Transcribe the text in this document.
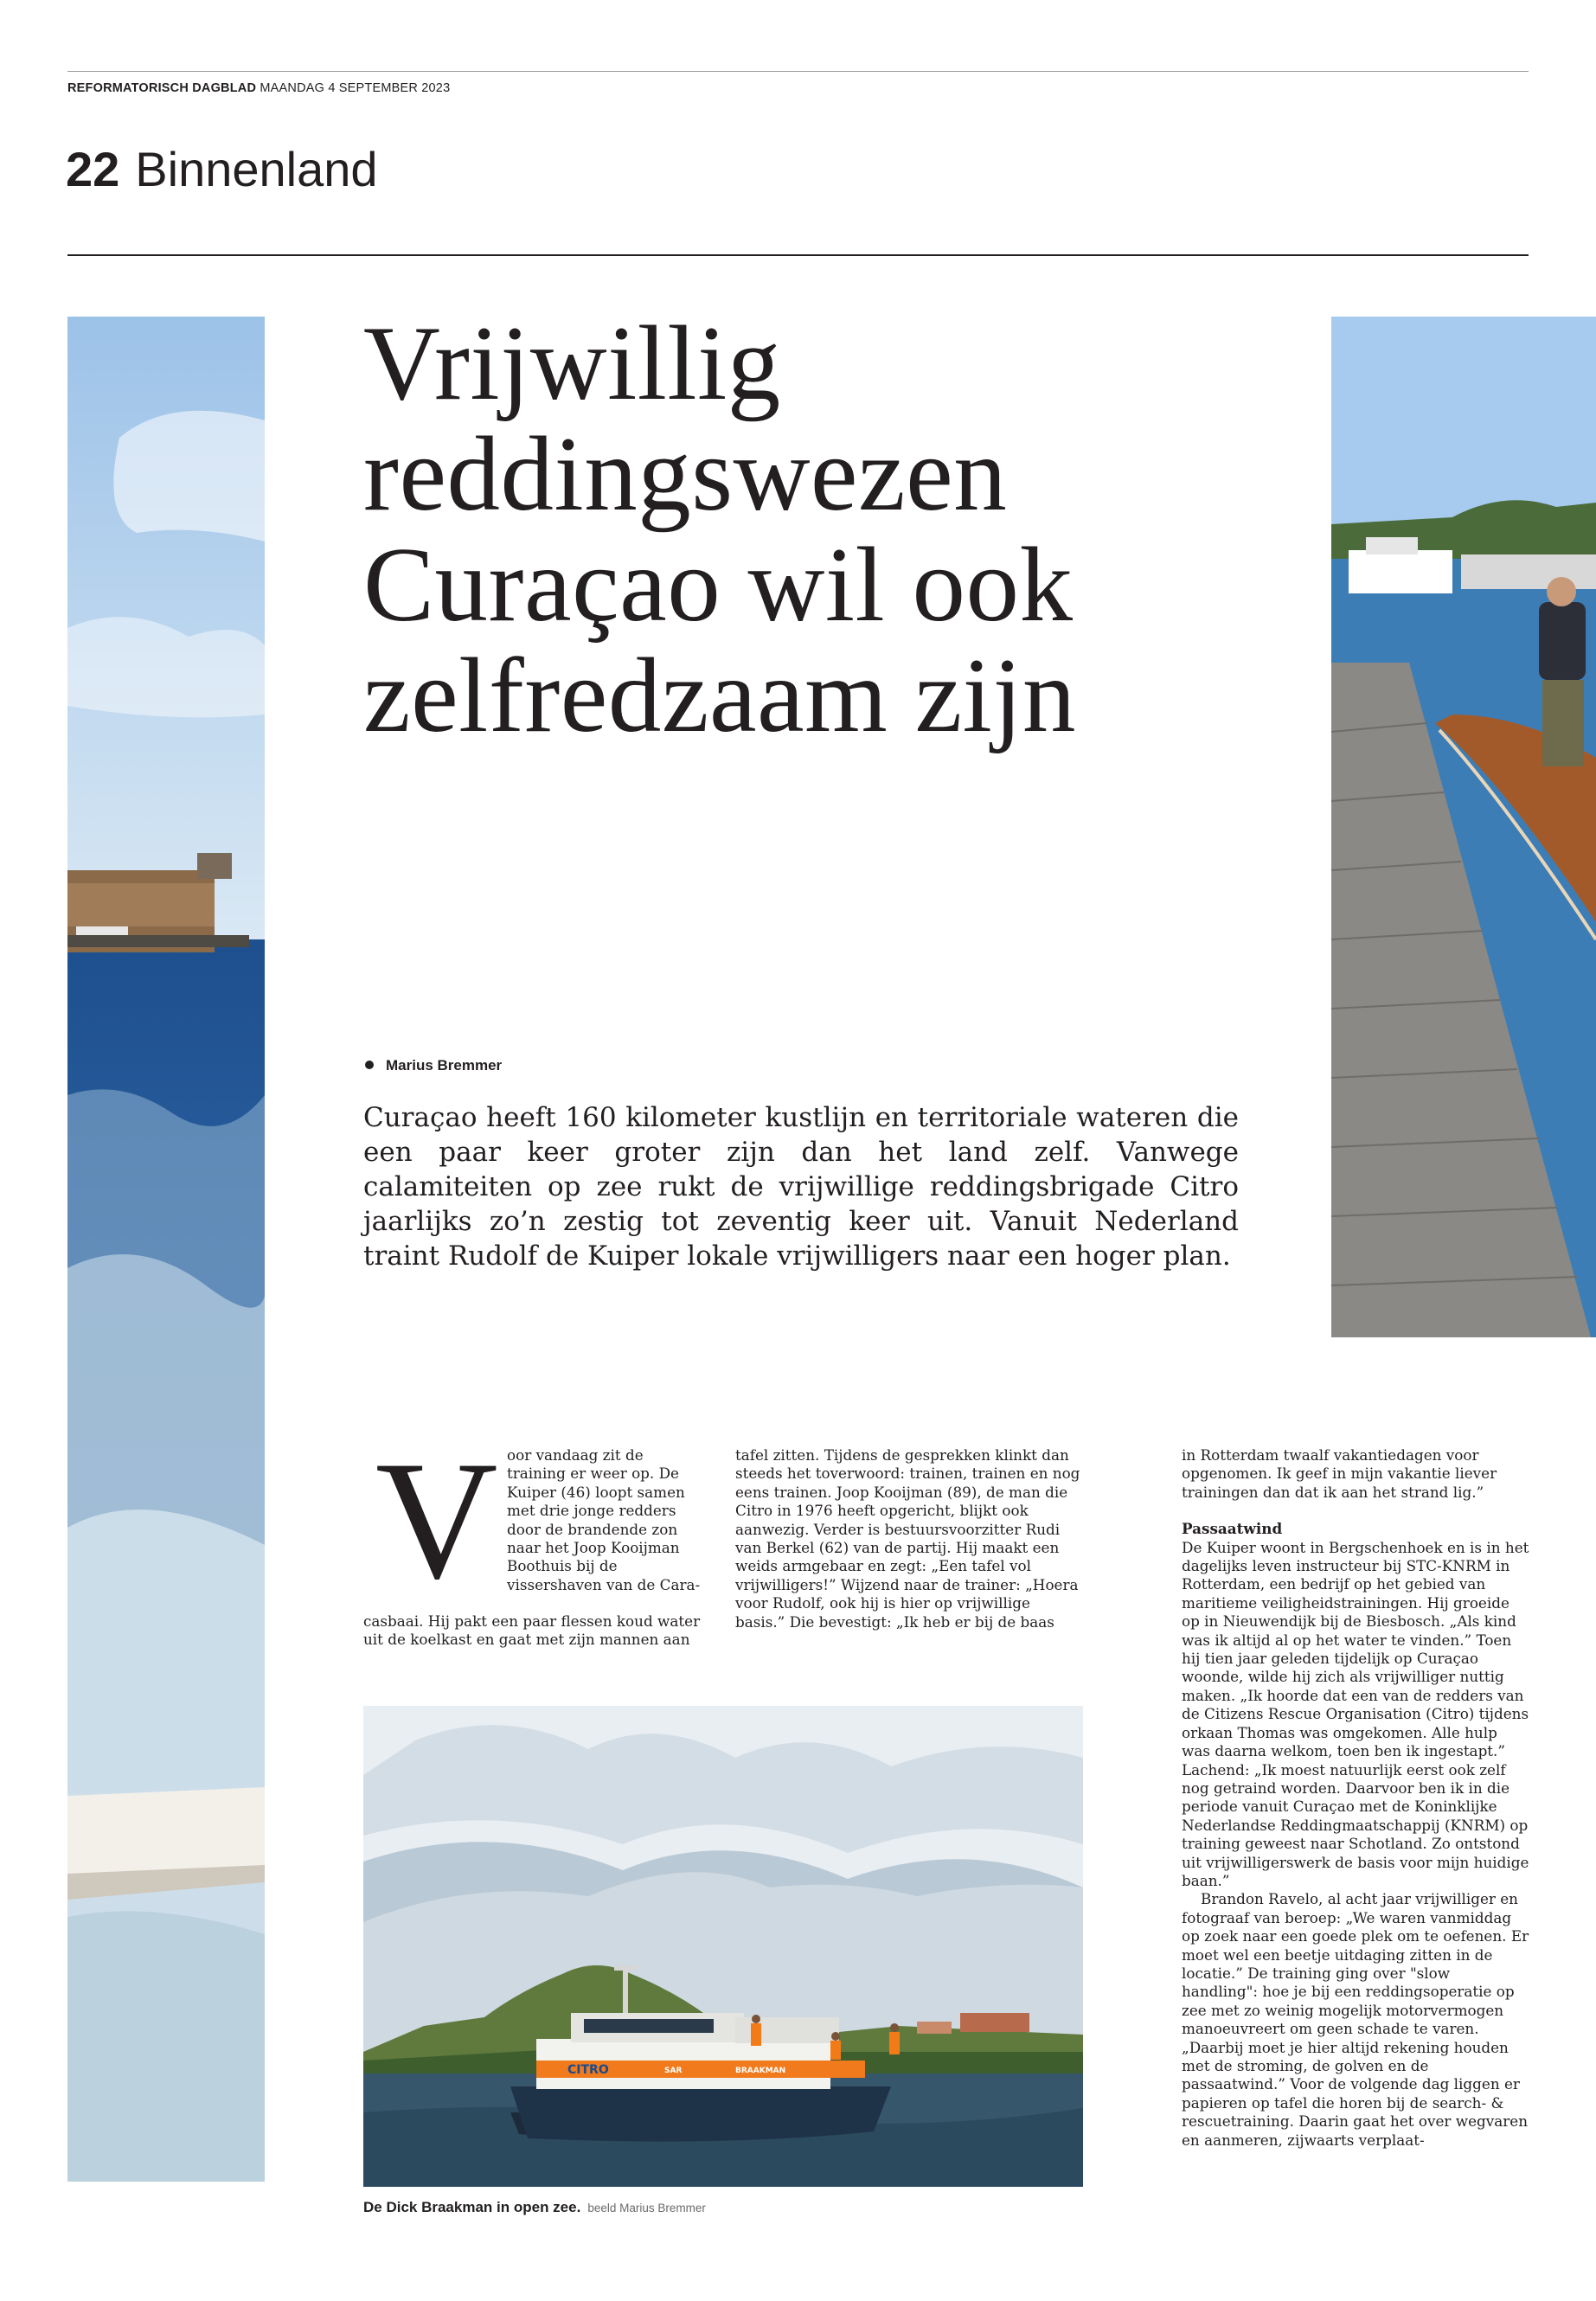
REFORMATORISCH DAGBLAD MAANDAG 4 SEPTEMBER 2023
22 Binnenland
Vrijwillig reddingswezen Curaçao wil ook zelfredzaam zijn
Marius Bremmer
Curaçao heeft 160 kilometer kustlijn en territoriale wateren die een paar keer groter zijn dan het land zelf. Vanwege calamiteiten op zee rukt de vrijwillige reddingsbrigade Citro jaarlijks zo’n zestig tot zeventig keer uit. Vanuit Nederland traint Rudolf de Kuiper lokale vrijwilligers naar een hoger plan.
V oor vandaag zit de training er weer op. De Kuiper (46) loopt samen met drie jonge redders door de brandende zon naar het Joop Kooijman Boothuis bij de vissershaven van de Cara-

casbaai. Hij pakt een paar flessen koud water uit de koelkast en gaat met zijn mannen aan

tafel zitten. Tijdens de gesprekken klinkt dan steeds het toverwoord: trainen, trainen en nog eens trainen. Joop Kooijman (89), de man die Citro in 1976 heeft opgericht, blijkt ook aanwezig. Verder is bestuursvoorzitter Rudi van Berkel (62) van de partij. Hij maakt een weids armgebaar en zegt: „Een tafel vol vrijwilligers!” Wijzend naar de trainer: „Hoera voor Rudolf, ook hij is hier op vrijwillige basis.” Die bevestigt: „Ik heb er bij de baas

in Rotterdam twaalf vakantiedagen voor opgenomen. Ik geef in mijn vakantie liever trainingen dan dat ik aan het strand lig.”

Passaatwind

De Kuiper woont in Bergschenhoek en is in het dagelijks leven instructeur bij STC-KNRM in Rotterdam, een bedrijf op het gebied van maritieme veiligheidstrainingen. Hij groeide op in Nieuwendijk bij de Biesbosch. „Als kind was ik altijd al op het water te vinden.” Toen hij tien jaar geleden tijdelijk op Curaçao woonde, wilde hij zich als vrijwilliger nuttig maken. „Ik hoorde dat een van de redders van de Citizens Rescue Organisation (Citro) tijdens orkaan Thomas was omgekomen. Alle hulp was daarna welkom, toen ben ik ingestapt.” Lachend: „Ik moest natuurlijk eerst ook zelf nog getraind worden. Daarvoor ben ik in die periode vanuit Curaçao met de Koninklijke Nederlandse Reddingmaatschappij (KNRM) op training geweest naar Schotland. Zo ontstond uit vrijwilligerswerk de basis voor mijn huidige baan.”

Brandon Ravelo, al acht jaar vrijwilliger en fotograaf van beroep: „We waren vanmiddag op zoek naar een goede plek om te oefenen. Er moet wel een beetje uitdaging zitten in de locatie.” De training ging over "slow handling": hoe je bij een reddingsoperatie op zee met zo weinig mogelijk motorvermogen manoeuvreert om geen schade te varen. „Daarbij moet je hier altijd rekening houden met de stroming, de golven en de passaatwind.” Voor de volgende dag liggen er papieren op tafel die horen bij de search- & rescuetraining. Daarin gaat het over wegvaren en aanmeren, zijwaarts verplaat-

CITRO	SAR	BRAAKMAN
De Dick Braakman in open zee. beeld Marius Bremmer
